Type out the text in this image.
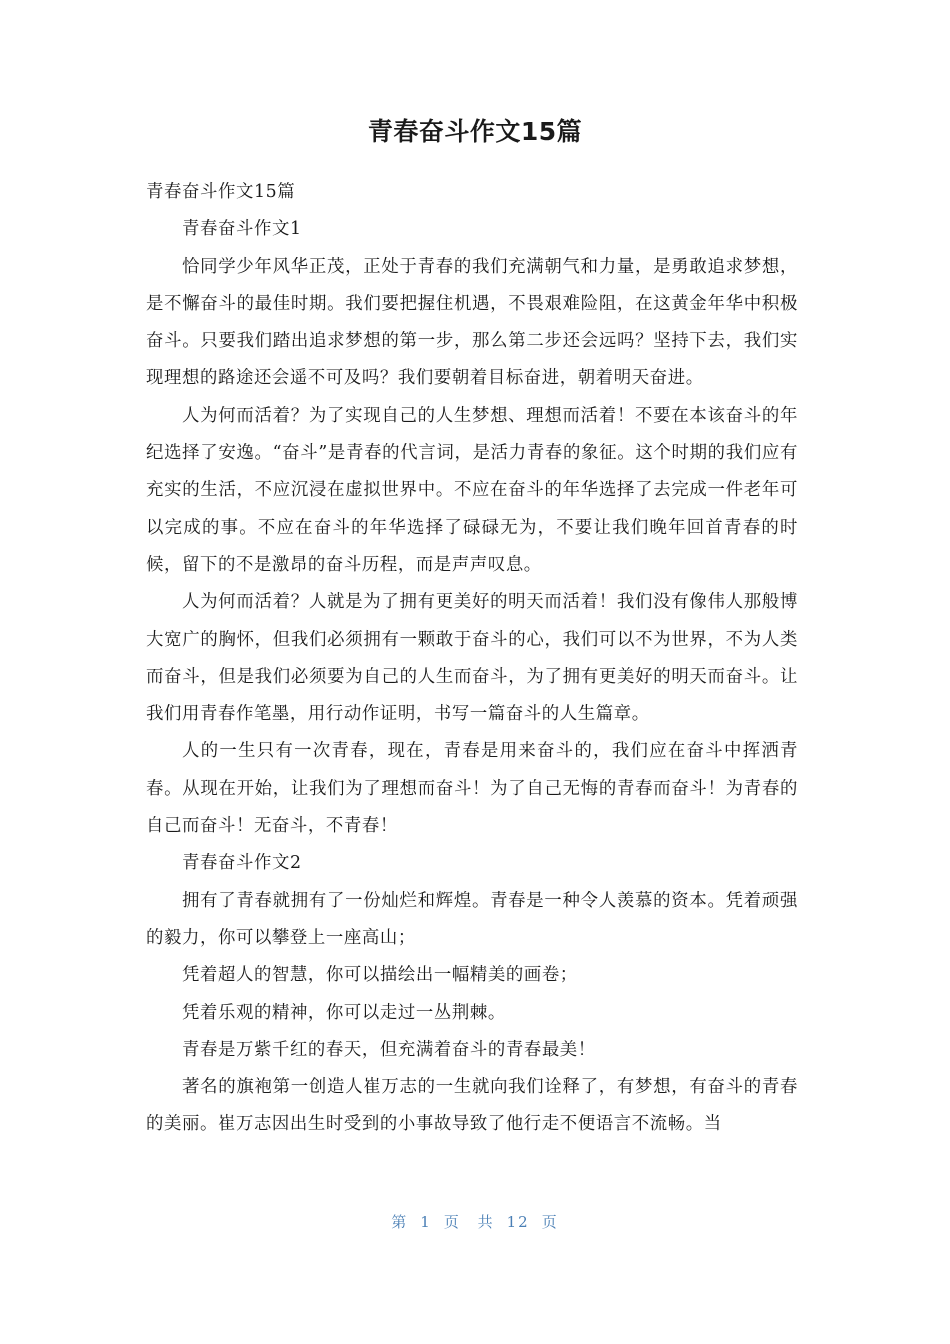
青春奋斗作文15篇

青春奋斗作文15篇

青春奋斗作文1

恰同学少年风华正茂，正处于青春的我们充满朝气和力量，是勇敢追求梦想，是不懈奋斗的最佳时期。我们要把握住机遇，不畏艰难险阻，在这黄金年华中积极奋斗。只要我们踏出追求梦想的第一步，那么第二步还会远吗？坚持下去，我们实现理想的路途还会遥不可及吗？我们要朝着目标奋进，朝着明天奋进。

人为何而活着？为了实现自己的人生梦想、理想而活着！不要在本该奋斗的年纪选择了安逸。“奋斗”是青春的代言词，是活力青春的象征。这个时期的我们应有充实的生活，不应沉浸在虚拟世界中。不应在奋斗的年华选择了去完成一件老年可以完成的事。不应在奋斗的年华选择了碌碌无为，不要让我们晚年回首青春的时候，留下的不是激昂的奋斗历程，而是声声叹息。

人为何而活着？人就是为了拥有更美好的明天而活着！我们没有像伟人那般博大宽广的胸怀，但我们必须拥有一颗敢于奋斗的心，我们可以不为世界，不为人类而奋斗，但是我们必须要为自己的人生而奋斗，为了拥有更美好的明天而奋斗。让我们用青春作笔墨，用行动作证明，书写一篇奋斗的人生篇章。

人的一生只有一次青春，现在，青春是用来奋斗的，我们应在奋斗中挥洒青春。从现在开始，让我们为了理想而奋斗！为了自己无悔的青春而奋斗！为青春的自己而奋斗！无奋斗，不青春！

青春奋斗作文2

拥有了青春就拥有了一份灿烂和辉煌。青春是一种令人羡慕的资本。凭着顽强的毅力，你可以攀登上一座高山；

凭着超人的智慧，你可以描绘出一幅精美的画卷；

凭着乐观的精神，你可以走过一丛荆棘。

青春是万紫千红的春天，但充满着奋斗的青春最美！

著名的旗袍第一创造人崔万志的一生就向我们诠释了，有梦想，有奋斗的青春的美丽。崔万志因出生时受到的小事故导致了他行走不便语言不流畅。当

第 1 页 共 12 页
